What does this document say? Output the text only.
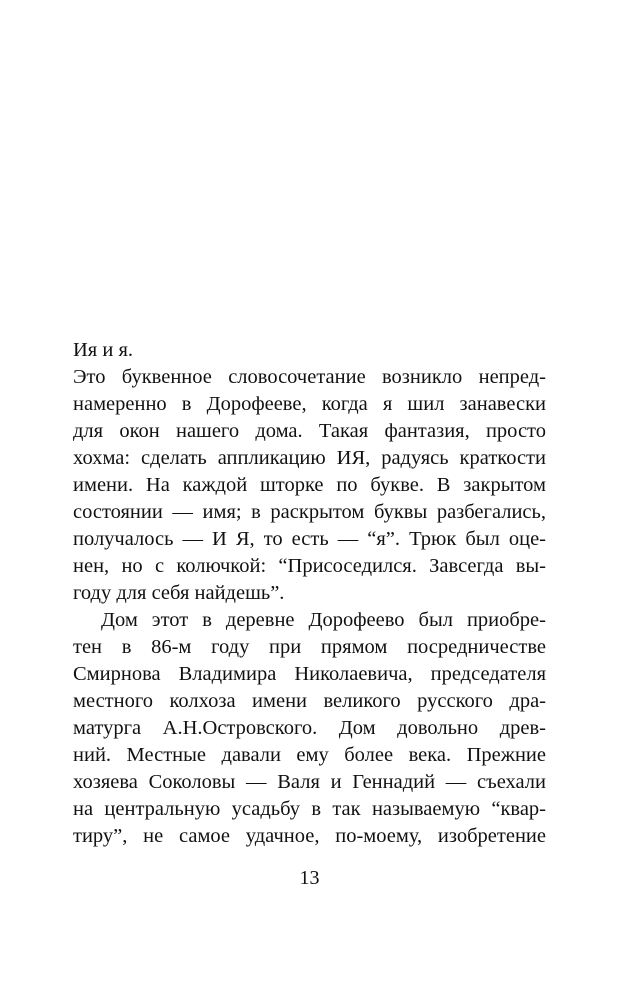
Ия и я.
Это буквенное словосочетание возникло непред-
намеренно в Дорофееве, когда я шил занавески
для окон нашего дома. Такая фантазия, просто
хохма: сделать аппликацию ИЯ, радуясь краткости
имени. На каждой шторке по букве. В закрытом
состоянии — имя; в раскрытом буквы разбегались,
получалось — И Я, то есть — “я”. Трюк был оце-
нен, но с колючкой: “Присоседился. Завсегда вы-
году для себя найдешь”.
Дом этот в деревне Дорофеево был приобре-
тен в 86-м году при прямом посредничестве
Смирнова Владимира Николаевича, председателя
местного колхоза имени великого русского дра-
матурга А.Н.Островского. Дом довольно древ-
ний. Местные давали ему более века. Прежние
хозяева Соколовы — Валя и Геннадий — съехали
на центральную усадьбу в так называемую “квар-
тиру”, не самое удачное, по-моему, изобретение
13
